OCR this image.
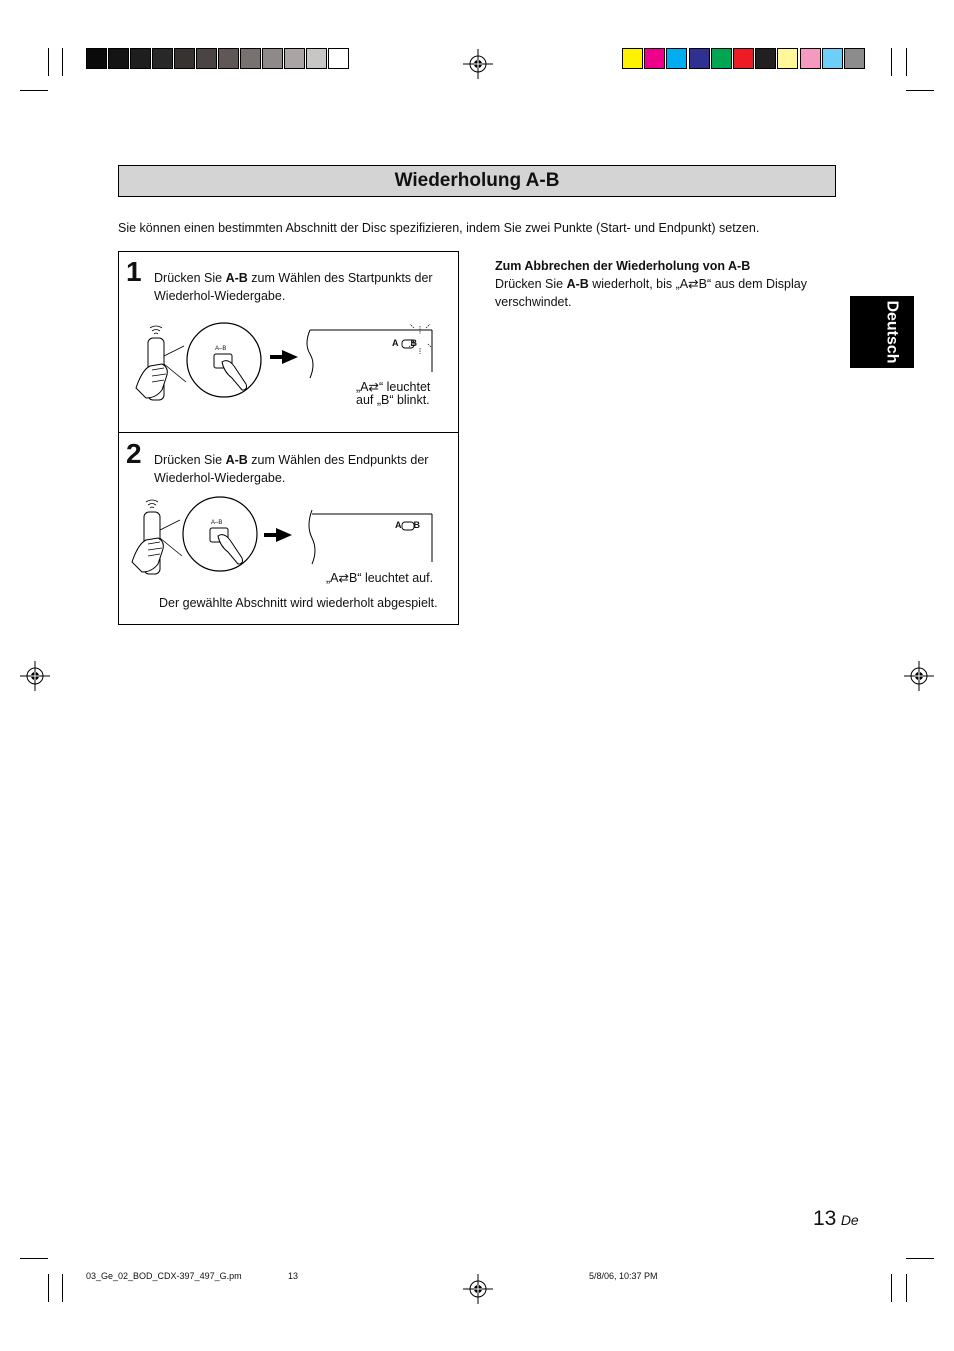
Wiederholung A-B
Sie können einen bestimmten Abschnitt der Disc spezifizieren, indem Sie zwei Punkte (Start- und Endpunkt) setzen.
1 Drücken Sie A-B zum Wählen des Startpunkts der Wiederhol-Wiedergabe.
A–B
A B
„A⇄“ leuchtet
auf „B“ blinkt.
2 Drücken Sie A-B zum Wählen des Endpunkts der Wiederhol-Wiedergabe.
A–B	A B
„A⇄B“ leuchtet auf.
Der gewählte Abschnitt wird wiederholt abgespielt.
Zum Abbrechen der Wiederholung von A-B
Drücken Sie A-B wiederholt, bis „A⇄B“ aus dem Display verschwindet.	Deutsch
13 De
03_Ge_02_BOD_CDX-397_497_G.pm	13	5/8/06, 10:37 PM
